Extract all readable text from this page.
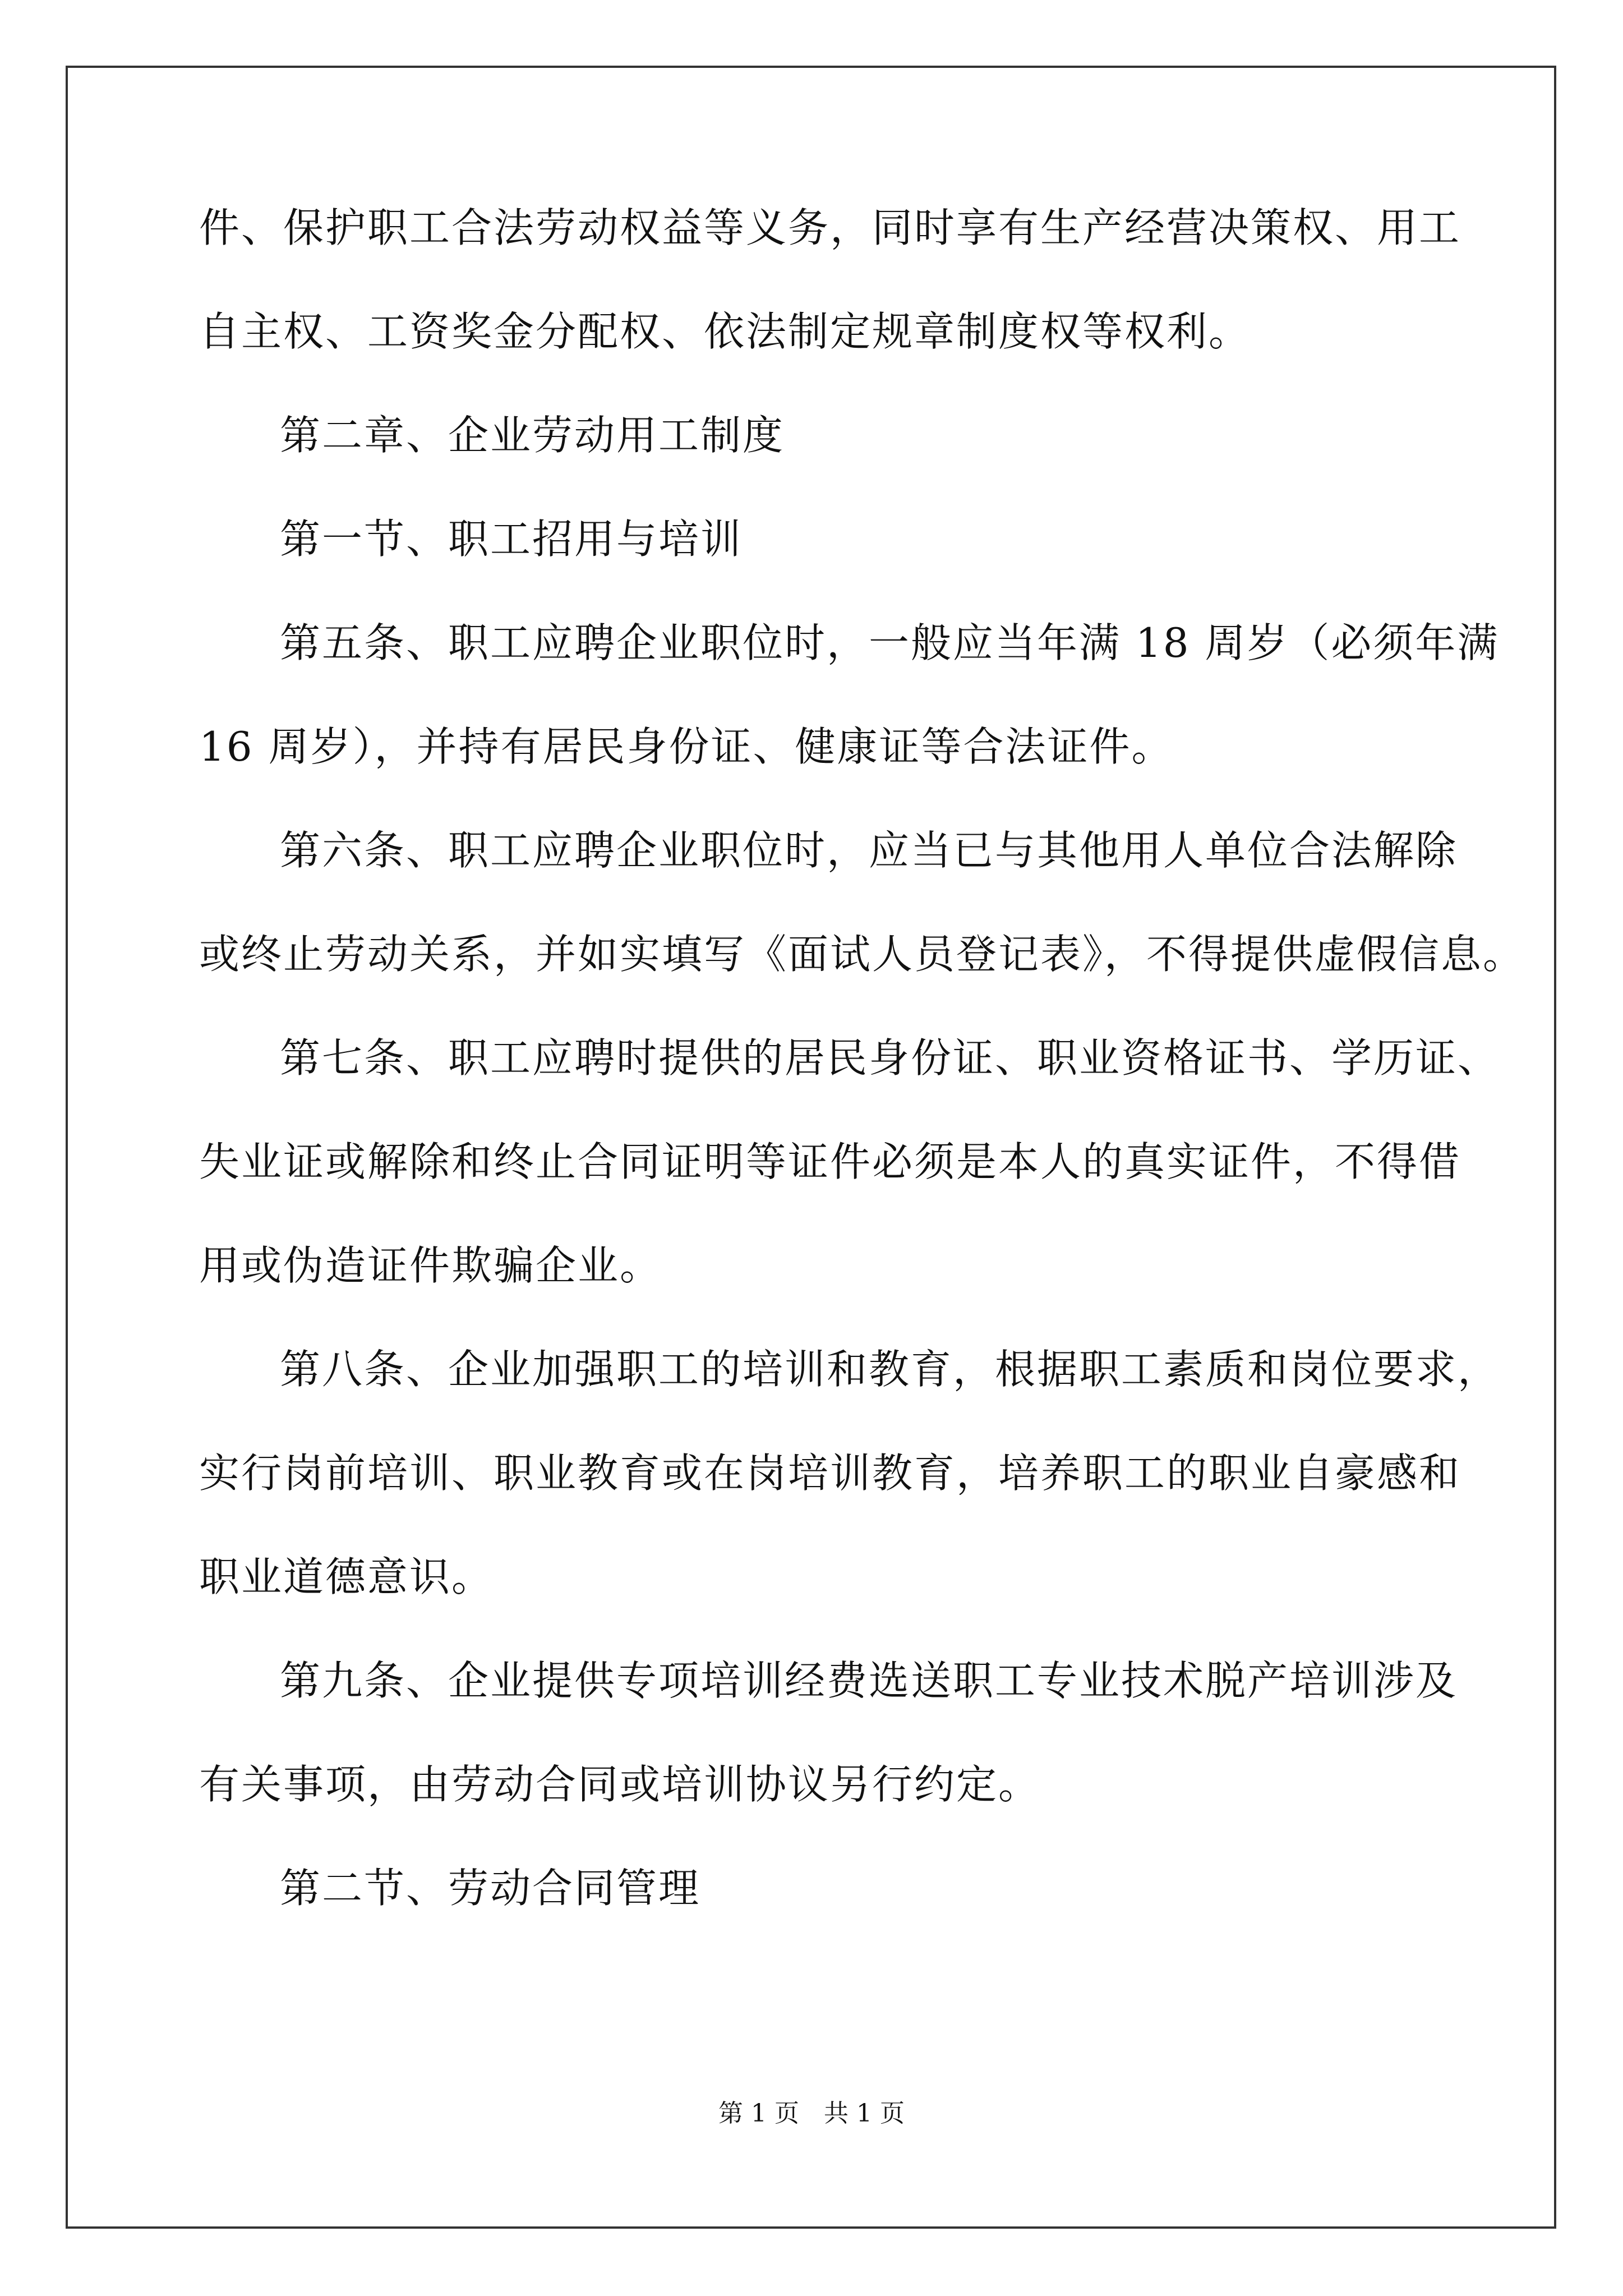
件、保护职工合法劳动权益等义务，同时享有生产经营决策权、用工
自主权、工资奖金分配权、依法制定规章制度权等权利。
第二章、企业劳动用工制度
第一节、职工招用与培训
第五条、职工应聘企业职位时，一般应当年满 18 周岁（必须年满
16 周岁），并持有居民身份证、健康证等合法证件。
第六条、职工应聘企业职位时，应当已与其他用人单位合法解除
或终止劳动关系，并如实填写《面试人员登记表》，不得提供虚假信息。
第七条、职工应聘时提供的居民身份证、职业资格证书、学历证、
失业证或解除和终止合同证明等证件必须是本人的真实证件，不得借
用或伪造证件欺骗企业。
第八条、企业加强职工的培训和教育，根据职工素质和岗位要求，
实行岗前培训、职业教育或在岗培训教育，培养职工的职业自豪感和
职业道德意识。
第九条、企业提供专项培训经费选送职工专业技术脱产培训涉及
有关事项，由劳动合同或培训协议另行约定。
第二节、劳动合同管理
第 1 页　共 1 页
